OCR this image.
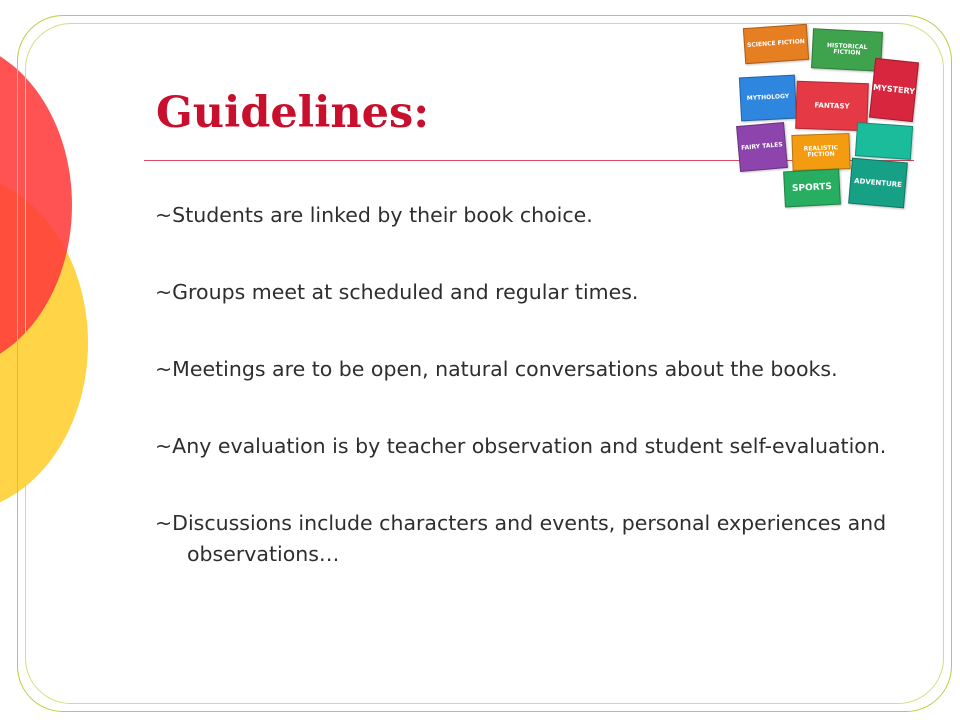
Guidelines:
SCIENCE FICTION	HISTORICAL FICTION
MYSTERY
MYTHOLOGY
FANTASY
FAIRY TALES	REALISTIC FICTION
SPORTS	ADVENTURE
~Students are linked by their book choice.
~Groups meet at scheduled and regular times.
~Meetings are to be open, natural conversations about the books.
~Any evaluation is by teacher observation and student self-evaluation.
~Discussions include characters and events, personal experiences and observations…
